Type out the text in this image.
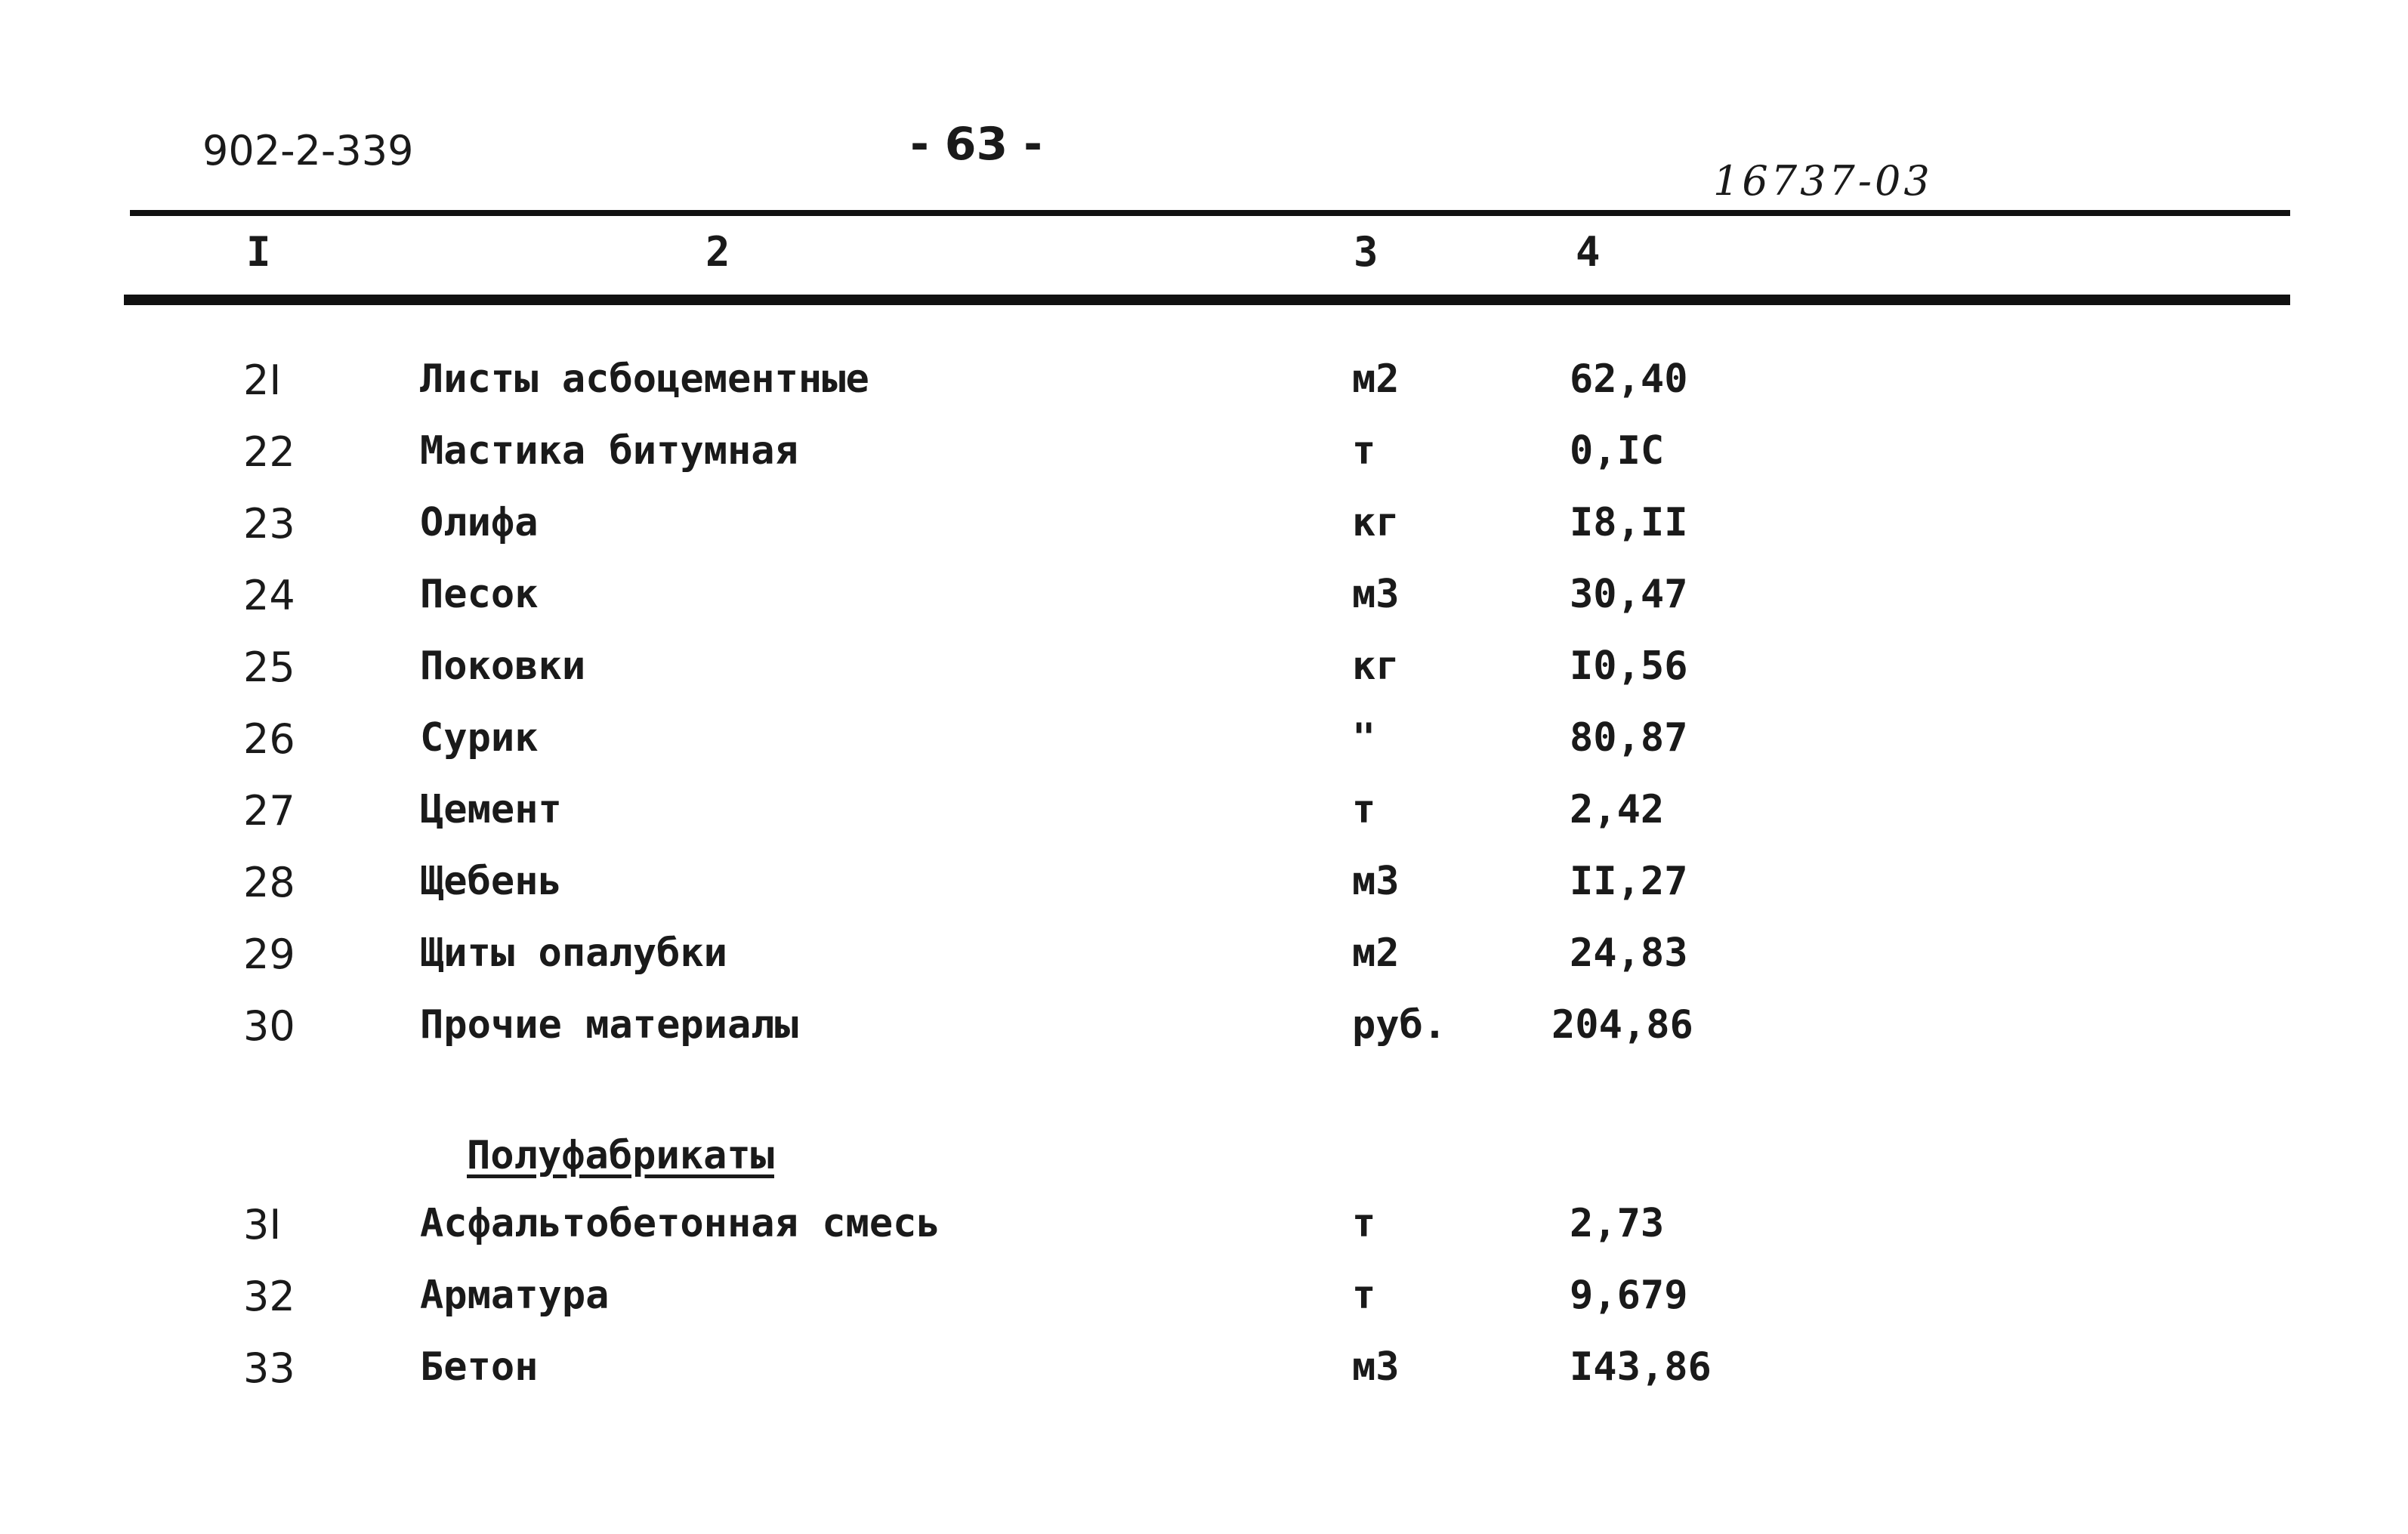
902-2-339	- 63 -
16737-03
I	2	3	4
2I	Листы асбоцементные	м2	62,40
22	Мастика битумная	т	0,IC
23	Олифа	кг	I8,II
24	Песок	м3	30,47
25	Поковки	кг	I0,56
26	Сурик	"	80,87
27	Цемент	т	2,42
28	Щебень	м3	II,27
29	Щиты опалубки	м2	24,83
30	Прочие материалы	руб.	204,86
Полуфабрикаты
3I	Асфальтобетонная смесь	т	2,73
32	Арматура	т	9,679
33	Бетон	м3	I43,86
